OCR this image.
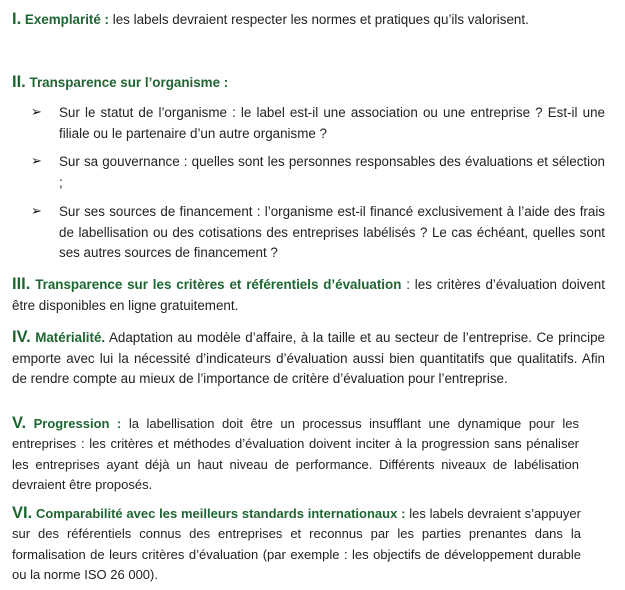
I. Exemplarité : les labels devraient respecter les normes et pratiques qu’ils valorisent.
II. Transparence sur l’organisme :
➢ Sur le statut de l’organisme : le label est-il une association ou une entreprise ? Est-il une filiale ou le partenaire d’un autre organisme ?
➢ Sur sa gouvernance : quelles sont les personnes responsables des évaluations et sélection ;
➢ Sur ses sources de financement : l’organisme est-il financé exclusivement à l’aide des frais de labellisation ou des cotisations des entreprises labélisés ? Le cas échéant, quelles sont ses autres sources de financement ?
III. Transparence sur les critères et référentiels d’évaluation : les critères d’évaluation doivent être disponibles en ligne gratuitement.
IV. Matérialité. Adaptation au modèle d’affaire, à la taille et au secteur de l’entreprise. Ce principe emporte avec lui la nécessité d’indicateurs d’évaluation aussi bien quantitatifs que qualitatifs. Afin de rendre compte au mieux de l’importance de critère d’évaluation pour l’entreprise.
V. Progression : la labellisation doit être un processus insufflant une dynamique pour les entreprises : les critères et méthodes d’évaluation doivent inciter à la progression sans pénaliser les entreprises ayant déjà un haut niveau de performance. Différents niveaux de labélisation devraient être proposés.
VI. Comparabilité avec les meilleurs standards internationaux : les labels devraient s’appuyer sur des référentiels connus des entreprises et reconnus par les parties prenantes dans la formalisation de leurs critères d’évaluation (par exemple : les objectifs de développement durable ou la norme ISO 26 000).
